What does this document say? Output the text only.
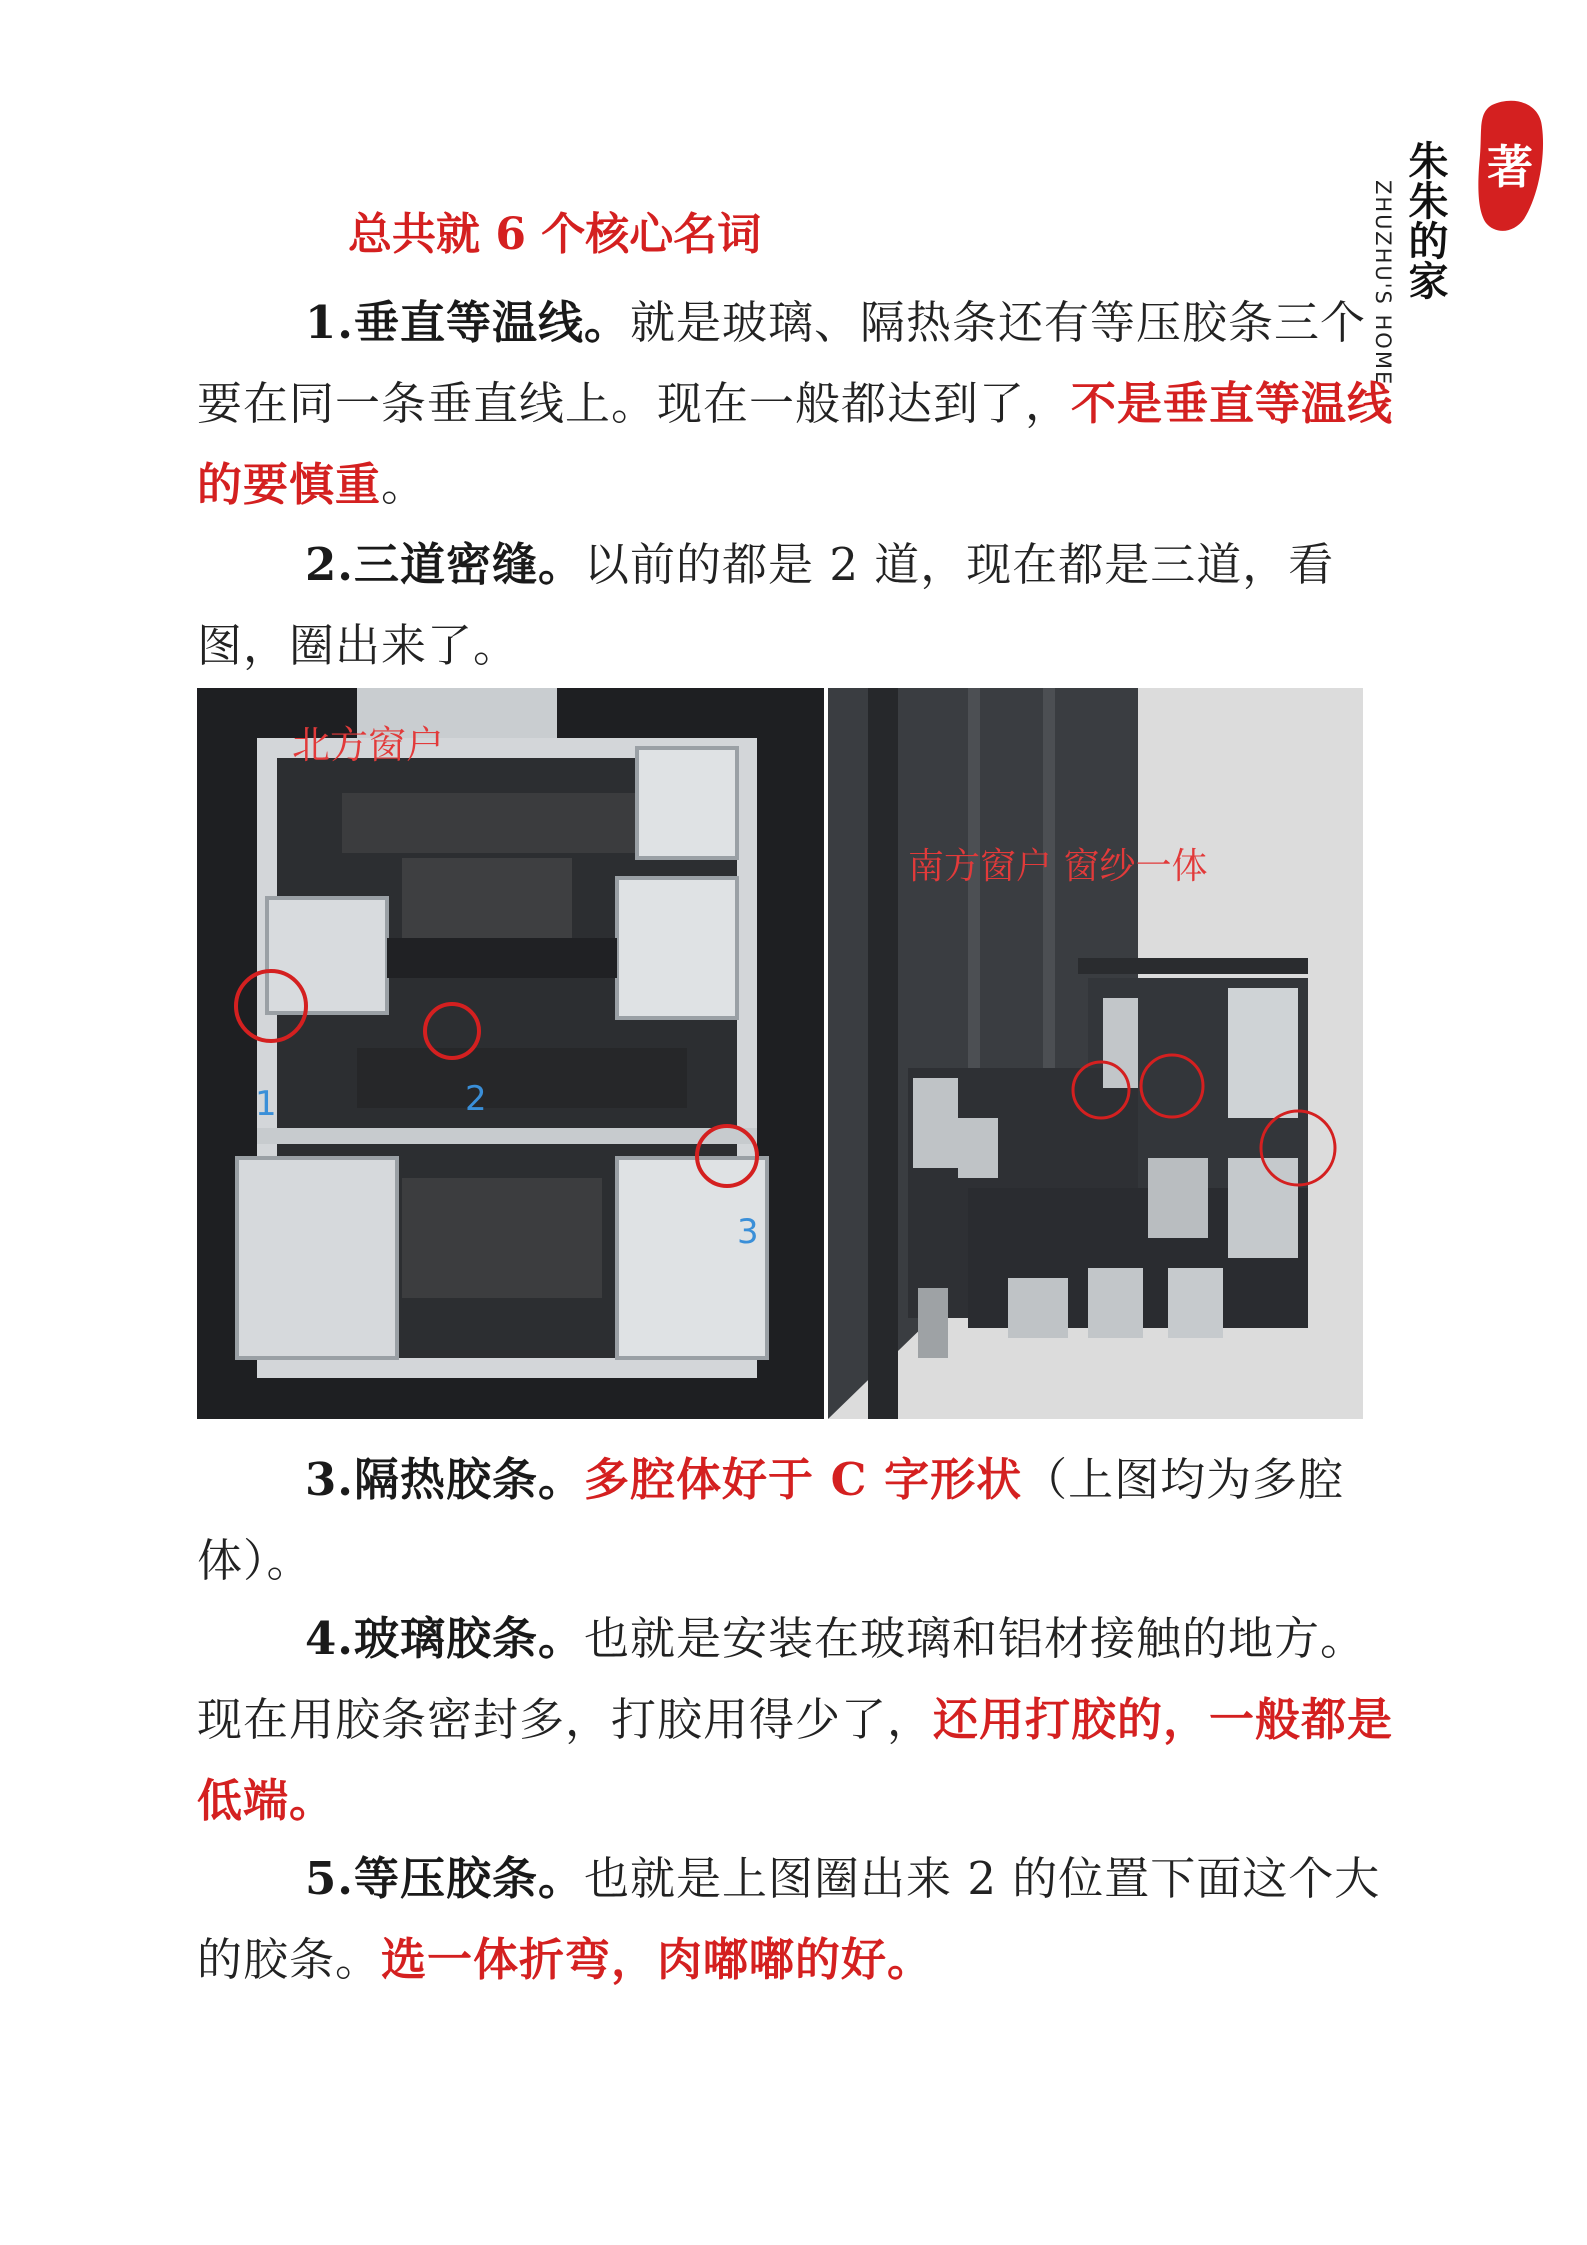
著
朱朱的家
ZHUZHU'S HOME
总共就 6 个核心名词

1.垂直等温线。就是玻璃、隔热条还有等压胶条三个要在同一条垂直线上。现在一般都达到了，不是垂直等温线的要慎重。

2.三道密缝。以前的都是 2 道，现在都是三道，看图，圈出来了。

北方窗户
1	2
3
南方窗户 窗纱一体

3.隔热胶条。多腔体好于 C 字形状（上图均为多腔体）。

4.玻璃胶条。也就是安装在玻璃和铝材接触的地方。现在用胶条密封多，打胶用得少了，还用打胶的，一般都是低端。

5.等压胶条。也就是上图圈出来 2 的位置下面这个大的胶条。选一体折弯，肉嘟嘟的好。
